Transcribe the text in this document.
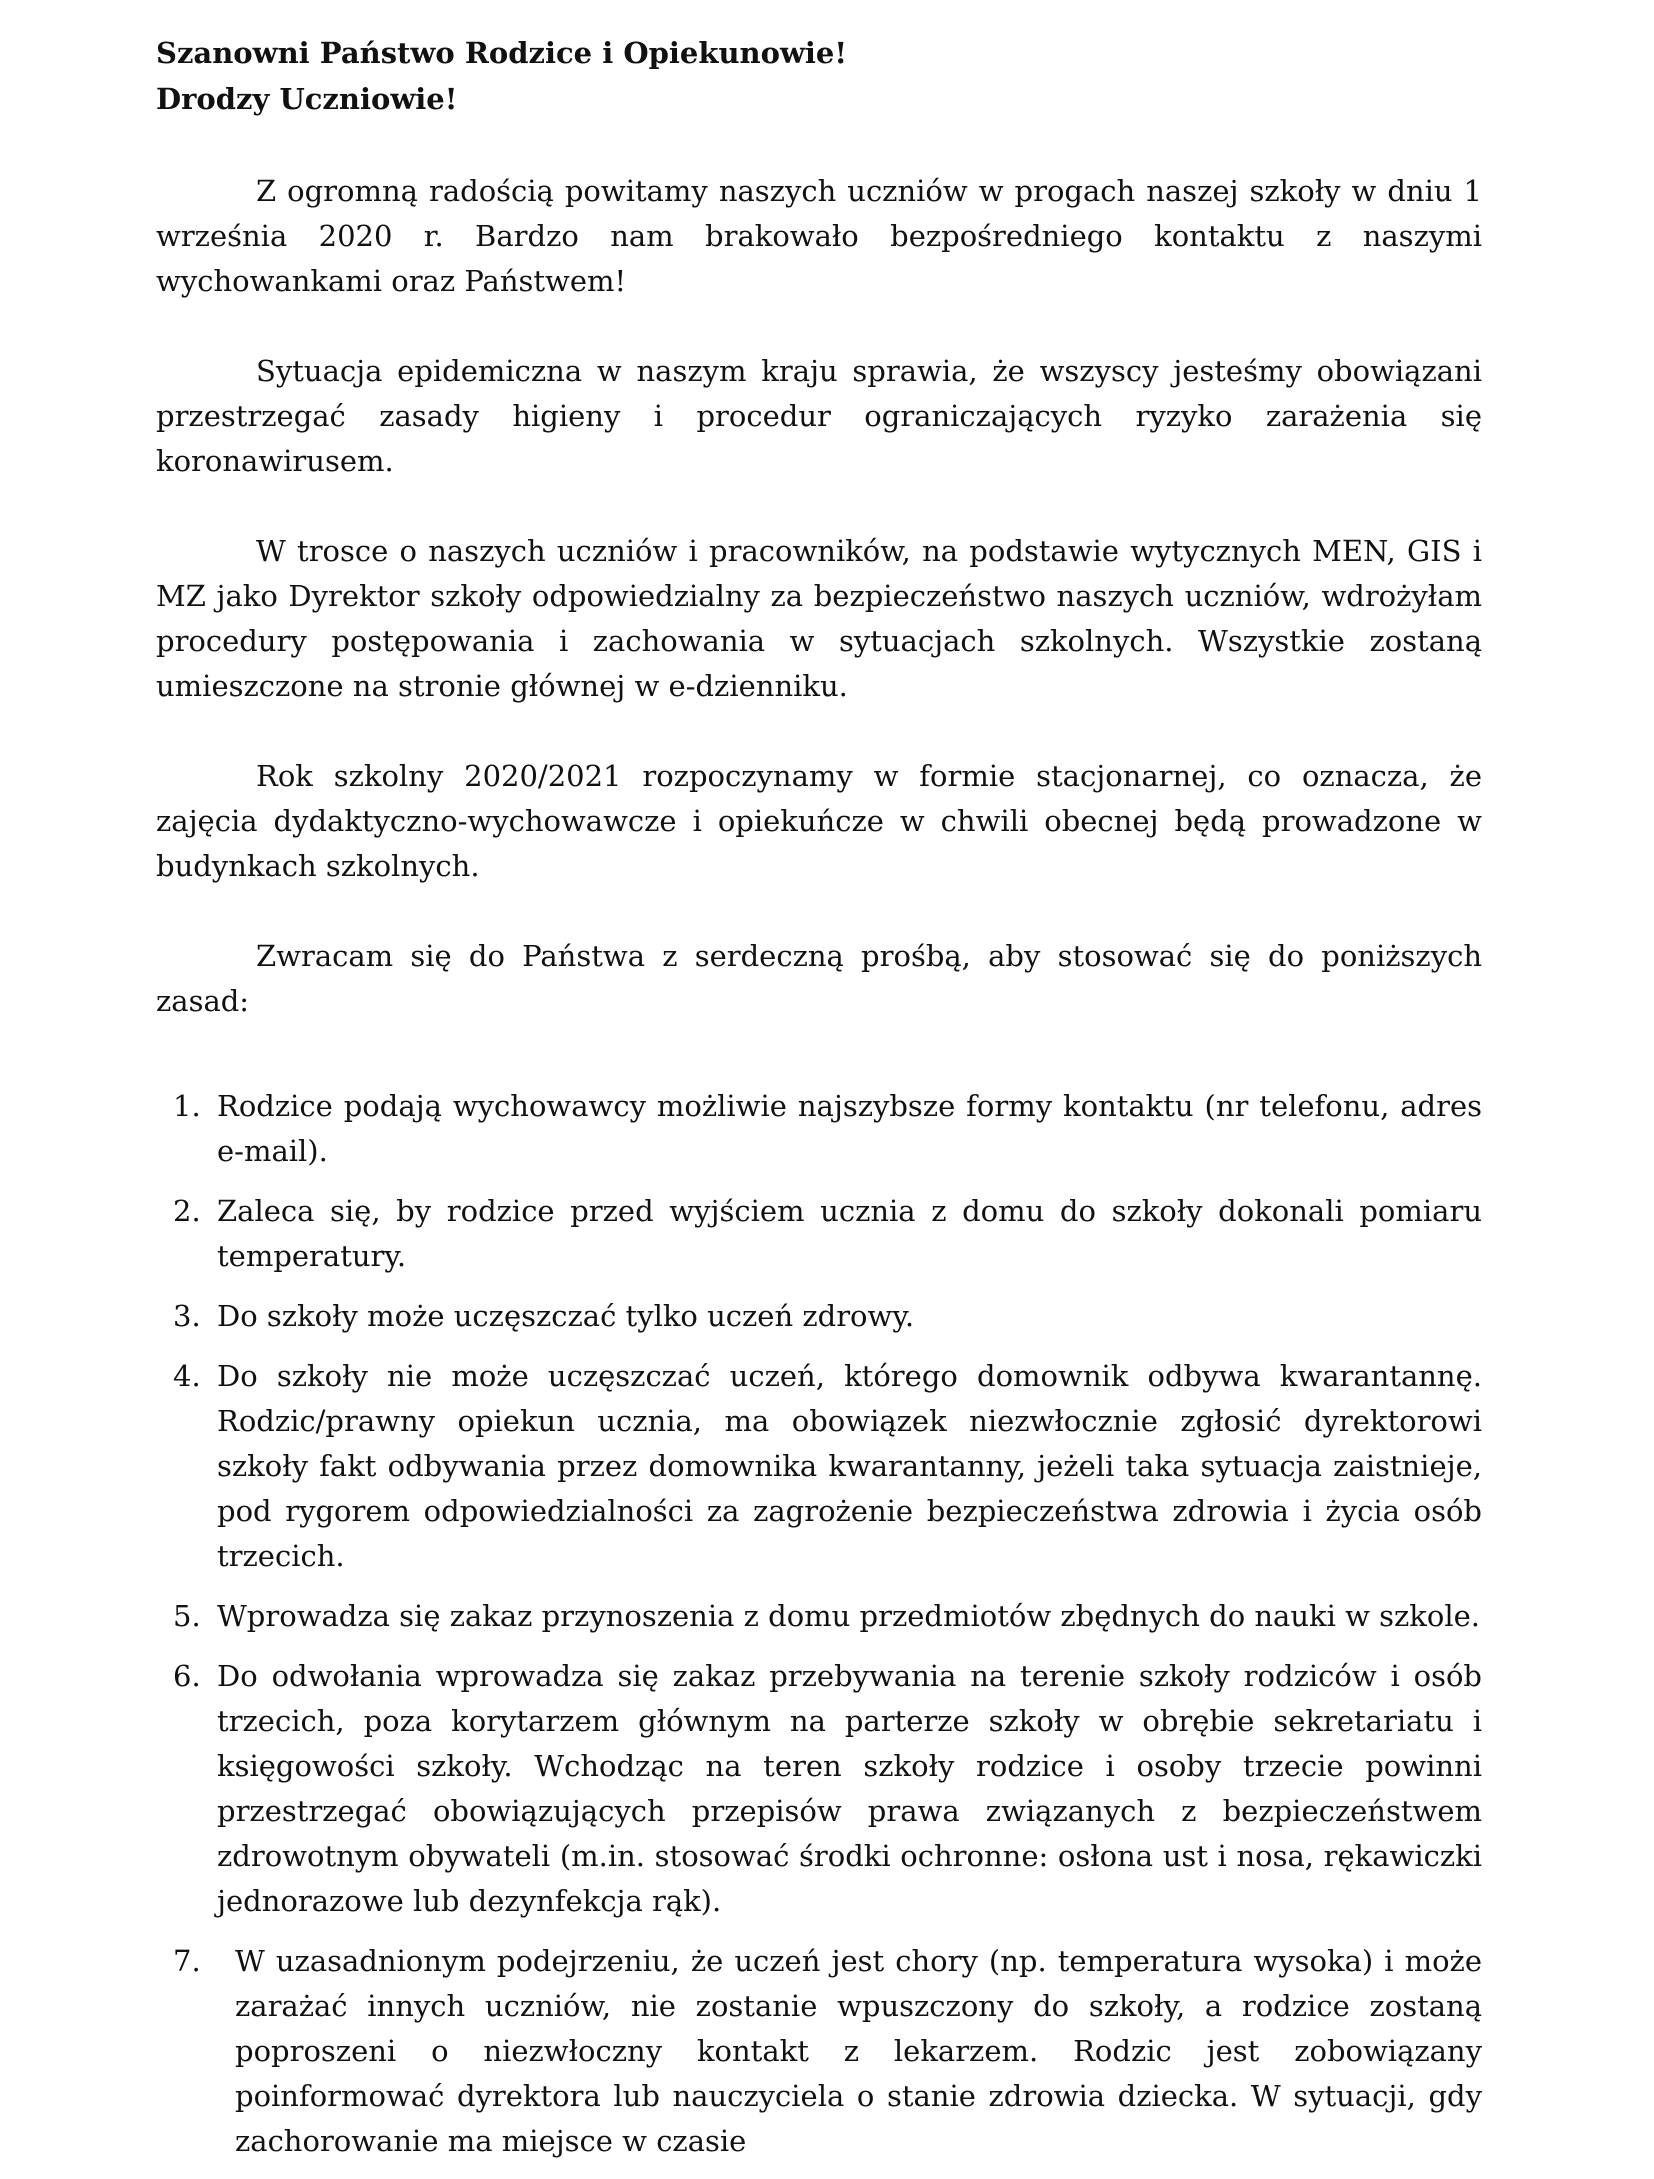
Szanowni Państwo Rodzice i Opiekunowie!

Drodzy Uczniowie!

Z ogromną radością powitamy naszych uczniów w progach naszej szkoły w dniu 1 września 2020 r. Bardzo nam brakowało bezpośredniego kontaktu z naszymi wychowankami oraz Państwem!

Sytuacja epidemiczna w naszym kraju sprawia, że wszyscy jesteśmy obowiązani przestrzegać zasady higieny i procedur ograniczających ryzyko zarażenia się koronawirusem.

W trosce o naszych uczniów i pracowników, na podstawie wytycznych MEN, GIS i MZ jako Dyrektor szkoły odpowiedzialny za bezpieczeństwo naszych uczniów, wdrożyłam procedury postępowania i zachowania w sytuacjach szkolnych. Wszystkie zostaną umieszczone na stronie głównej w e-dzienniku.

Rok szkolny 2020/2021 rozpoczynamy w formie stacjonarnej, co oznacza, że zajęcia dydaktyczno-wychowawcze i opiekuńcze w chwili obecnej będą prowadzone w budynkach szkolnych.

Zwracam się do Państwa z serdeczną prośbą, aby stosować się do poniższych zasad:

1. Rodzice podają wychowawcy możliwie najszybsze formy kontaktu (nr telefonu, adres e-mail).
2. Zaleca się, by rodzice przed wyjściem ucznia z domu do szkoły dokonali pomiaru temperatury.
3. Do szkoły może uczęszczać tylko uczeń zdrowy.
4. Do szkoły nie może uczęszczać uczeń, którego domownik odbywa kwarantannę. Rodzic/prawny opiekun ucznia, ma obowiązek niezwłocznie zgłosić dyrektorowi szkoły fakt odbywania przez domownika kwarantanny, jeżeli taka sytuacja zaistnieje, pod rygorem odpowiedzialności za zagrożenie bezpieczeństwa zdrowia i życia osób trzecich.
5. Wprowadza się zakaz przynoszenia z domu przedmiotów zbędnych do nauki w szkole.
6. Do odwołania wprowadza się zakaz przebywania na terenie szkoły rodziców i osób trzecich, poza korytarzem głównym na parterze szkoły w obrębie sekretariatu i księgowości szkoły. Wchodząc na teren szkoły rodzice i osoby trzecie powinni przestrzegać obowiązujących przepisów prawa związanych z bezpieczeństwem zdrowotnym obywateli (m.in. stosować środki ochronne: osłona ust i nosa, rękawiczki jednorazowe lub dezynfekcja rąk).
7. W uzasadnionym podejrzeniu, że uczeń jest chory (np. temperatura wysoka) i może zarażać innych uczniów, nie zostanie wpuszczony do szkoły, a rodzice zostaną poproszeni o niezwłoczny kontakt z lekarzem. Rodzic jest zobowiązany poinformować dyrektora lub nauczyciela o stanie zdrowia dziecka. W sytuacji, gdy zachorowanie ma miejsce w czasie
